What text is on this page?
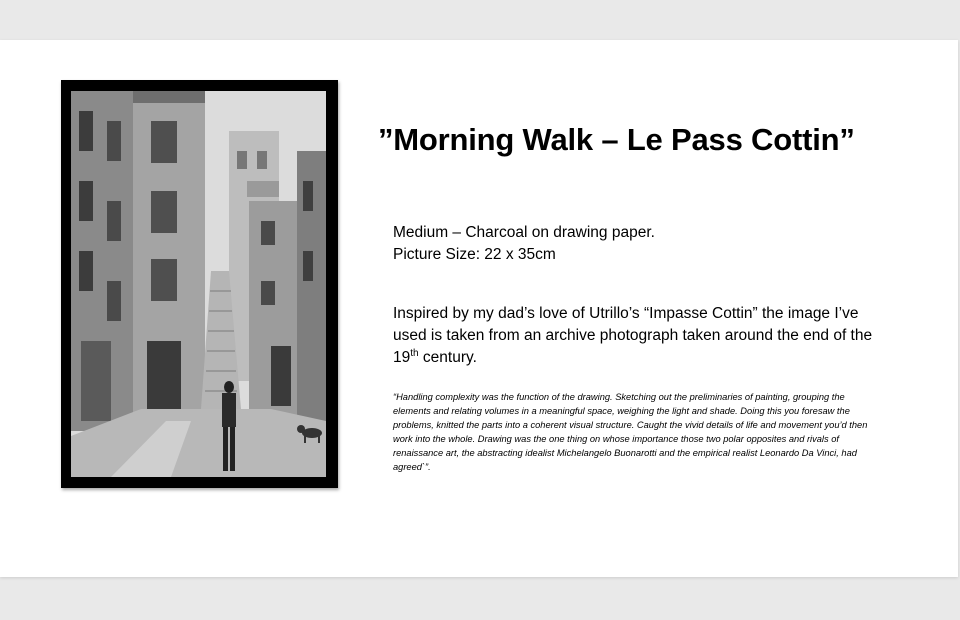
”Morning Walk – Le Pass Cottin”
Medium – Charcoal on drawing paper.
Picture Size: 22 x 35cm
Inspired by my dad’s love of Utrillo’s “Impasse Cottin” the image I’ve used is taken from an archive photograph taken around the end of the 19th century.
“Handling complexity was the function of the drawing. Sketching out the preliminaries of painting, grouping the elements and relating volumes in a meaningful space, weighing the light and shade. Doing this you foresaw the problems, knitted the parts into a coherent visual structure. Caught the vivid details of life and movement you’d then work into the whole. Drawing was the one thing on whose importance those two polar opposites and rivals of renaissance art, the abstracting idealist Michelangelo Buonarotti and the empirical realist Leonardo Da Vinci, had agreed`”.
